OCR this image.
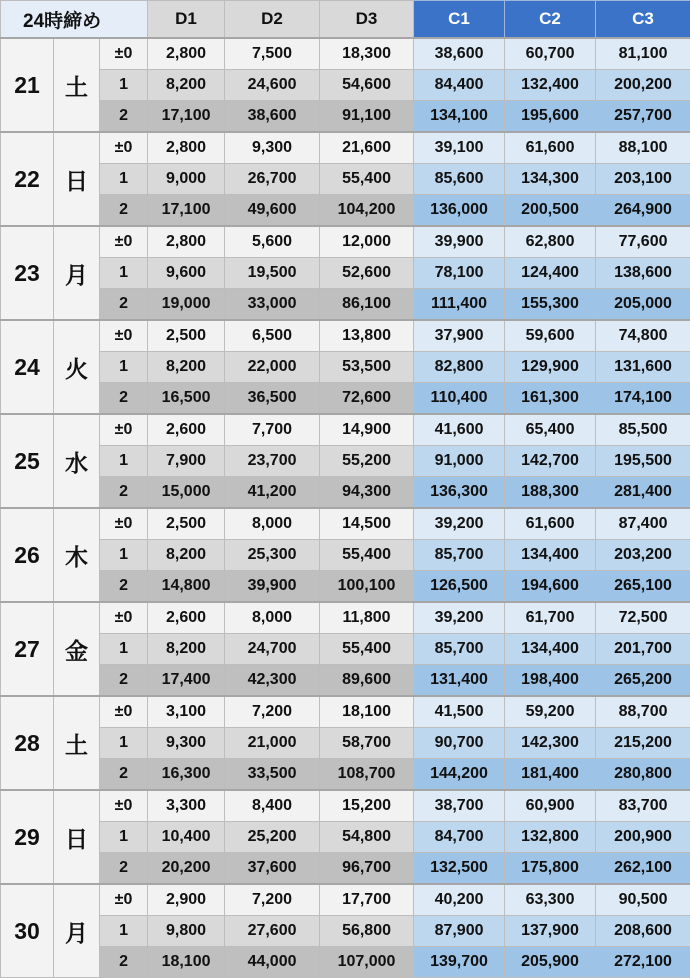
24時締め			D1	D2	D3	C1	C2	C3
21	土	±0	2,800	7,500	18,300	38,600	60,700	81,100
		1	8,200	24,600	54,600	84,400	132,400	200,200
		2	17,100	38,600	91,100	134,100	195,600	257,700
22	日	±0	2,800	9,300	21,600	39,100	61,600	88,100
		1	9,000	26,700	55,400	85,600	134,300	203,100
		2	17,100	49,600	104,200	136,000	200,500	264,900
23	月	±0	2,800	5,600	12,000	39,900	62,800	77,600
		1	9,600	19,500	52,600	78,100	124,400	138,600
		2	19,000	33,000	86,100	111,400	155,300	205,000
24	火	±0	2,500	6,500	13,800	37,900	59,600	74,800
		1	8,200	22,000	53,500	82,800	129,900	131,600
		2	16,500	36,500	72,600	110,400	161,300	174,100
25	水	±0	2,600	7,700	14,900	41,600	65,400	85,500
		1	7,900	23,700	55,200	91,000	142,700	195,500
		2	15,000	41,200	94,300	136,300	188,300	281,400
26	木	±0	2,500	8,000	14,500	39,200	61,600	87,400
		1	8,200	25,300	55,400	85,700	134,400	203,200
		2	14,800	39,900	100,100	126,500	194,600	265,100
27	金	±0	2,600	8,000	11,800	39,200	61,700	72,500
		1	8,200	24,700	55,400	85,700	134,400	201,700
		2	17,400	42,300	89,600	131,400	198,400	265,200
28	土	±0	3,100	7,200	18,100	41,500	59,200	88,700
		1	9,300	21,000	58,700	90,700	142,300	215,200
		2	16,300	33,500	108,700	144,200	181,400	280,800
29	日	±0	3,300	8,400	15,200	38,700	60,900	83,700
		1	10,400	25,200	54,800	84,700	132,800	200,900
		2	20,200	37,600	96,700	132,500	175,800	262,100
30	月	±0	2,900	7,200	17,700	40,200	63,300	90,500
		1	9,800	27,600	56,800	87,900	137,900	208,600
		2	18,100	44,000	107,000	139,700	205,900	272,100
